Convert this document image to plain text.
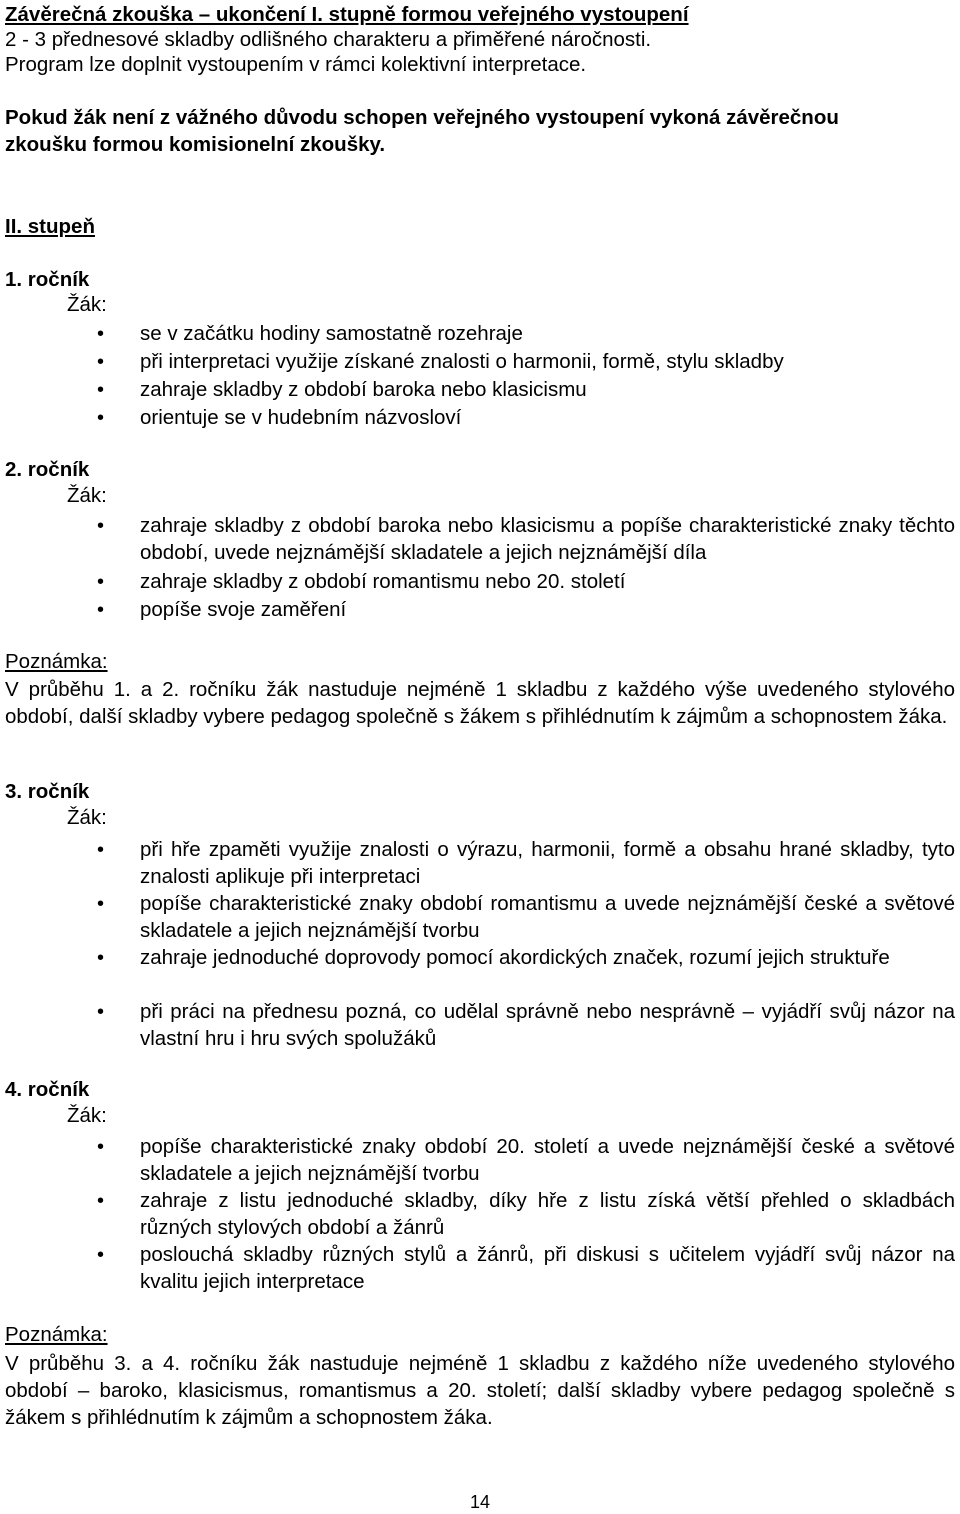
Závěrečná zkouška – ukončení I. stupně formou veřejného vystoupení
2 - 3 přednesové skladby odlišného charakteru a přiměřené náročnosti.
Program lze doplnit vystoupením v rámci kolektivní interpretace.
Pokud žák není z vážného důvodu schopen veřejného vystoupení vykoná závěrečnou
zkoušku formou komisionelní zkoušky.
II. stupeň
1. ročník
Žák:
• se v začátku hodiny samostatně rozehraje
• při interpretaci využije získané znalosti o harmonii, formě, stylu skladby
• zahraje skladby z období baroka nebo klasicismu
• orientuje se v hudebním názvosloví
2. ročník
Žák:
• zahraje skladby z období baroka nebo klasicismu a popíše charakteristické znaky těchto období, uvede nejznámější skladatele a jejich nejznámější díla
• zahraje skladby z období romantismu nebo 20. století
• popíše svoje zaměření
Poznámka:
V průběhu 1. a 2. ročníku žák nastuduje nejméně 1 skladbu z každého výše uvedeného stylového období, další skladby vybere pedagog společně s žákem s přihlédnutím k zájmům a schopnostem žáka.
3. ročník
Žák:
• při hře zpaměti využije znalosti o výrazu, harmonii, formě a obsahu hrané skladby, tyto znalosti aplikuje při interpretaci
• popíše charakteristické znaky období romantismu a uvede nejznámější české a světové skladatele a jejich nejznámější tvorbu
• zahraje jednoduché doprovody pomocí akordických značek, rozumí jejich struktuře
• při práci na přednesu pozná, co udělal správně nebo nesprávně – vyjádří svůj názor na vlastní hru i hru svých spolužáků
4. ročník
Žák:
• popíše charakteristické znaky období 20. století a uvede nejznámější české a světové skladatele a jejich nejznámější tvorbu
• zahraje z listu jednoduché skladby, díky hře z listu získá větší přehled o skladbách různých stylových období a žánrů
• poslouchá skladby různých stylů a žánrů, při diskusi s učitelem vyjádří svůj názor na kvalitu jejich interpretace
Poznámka:
V průběhu 3. a 4. ročníku žák nastuduje nejméně 1 skladbu z každého níže uvedeného stylového období – baroko, klasicismus, romantismus a 20. století; další skladby vybere pedagog společně s žákem s přihlédnutím k zájmům a schopnostem žáka.
14
